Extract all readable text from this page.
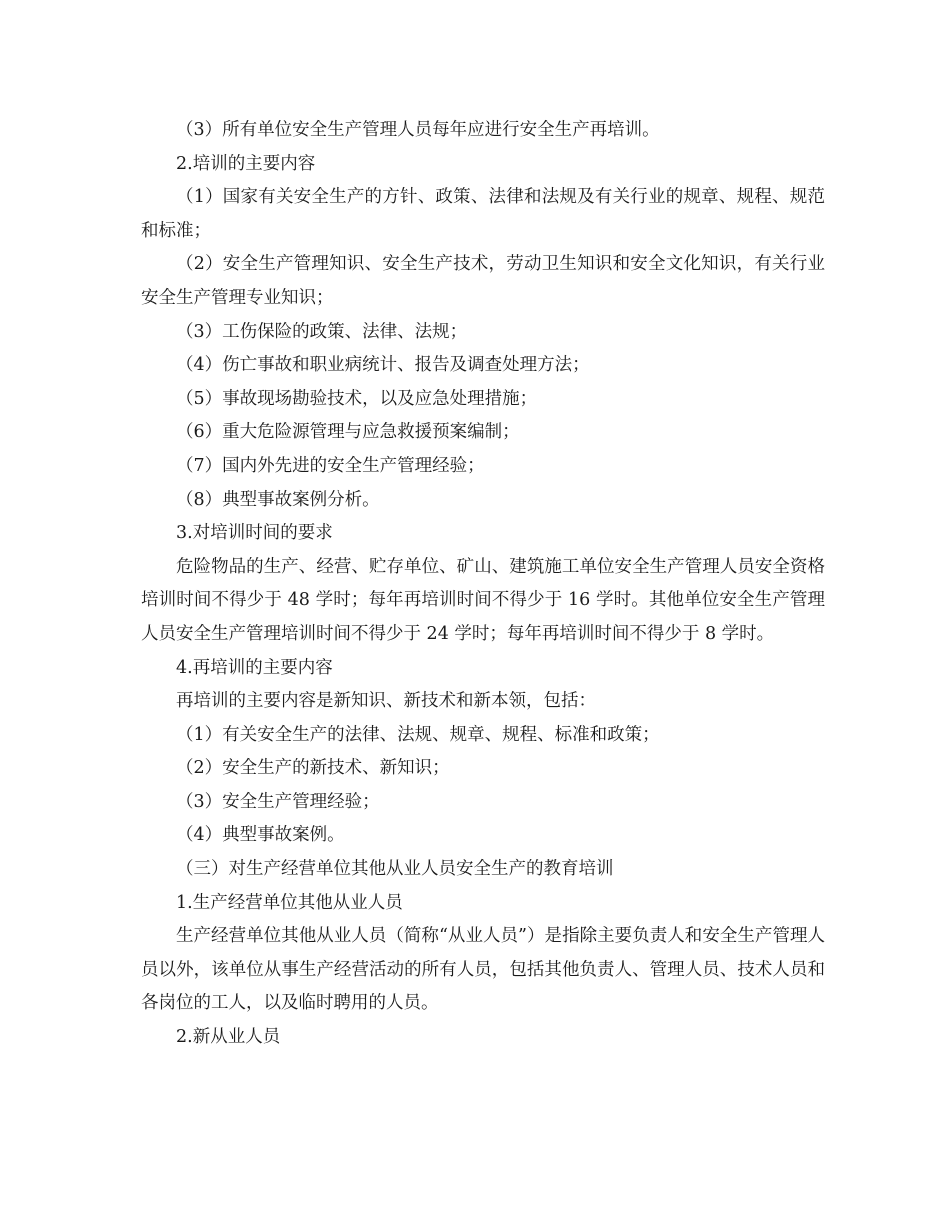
（3）所有单位安全生产管理人员每年应进行安全生产再培训。

2.培训的主要内容

（1）国家有关安全生产的方针、政策、法律和法规及有关行业的规章、规程、规范和标准；

（2）安全生产管理知识、安全生产技术，劳动卫生知识和安全文化知识，有关行业安全生产管理专业知识；

（3）工伤保险的政策、法律、法规；

（4）伤亡事故和职业病统计、报告及调查处理方法；

（5）事故现场勘验技术，以及应急处理措施；

（6）重大危险源管理与应急救援预案编制；

（7）国内外先进的安全生产管理经验；

（8）典型事故案例分析。

3.对培训时间的要求

危险物品的生产、经营、贮存单位、矿山、建筑施工单位安全生产管理人员安全资格培训时间不得少于 48 学时；每年再培训时间不得少于 16 学时。其他单位安全生产管理人员安全生产管理培训时间不得少于 24 学时；每年再培训时间不得少于 8 学时。

4.再培训的主要内容

再培训的主要内容是新知识、新技术和新本领，包括：

（1）有关安全生产的法律、法规、规章、规程、标准和政策；

（2）安全生产的新技术、新知识；

（3）安全生产管理经验；

（4）典型事故案例。

（三）对生产经营单位其他从业人员安全生产的教育培训

1.生产经营单位其他从业人员

生产经营单位其他从业人员（简称“从业人员”）是指除主要负责人和安全生产管理人员以外，该单位从事生产经营活动的所有人员，包括其他负责人、管理人员、技术人员和各岗位的工人，以及临时聘用的人员。

2.新从业人员
